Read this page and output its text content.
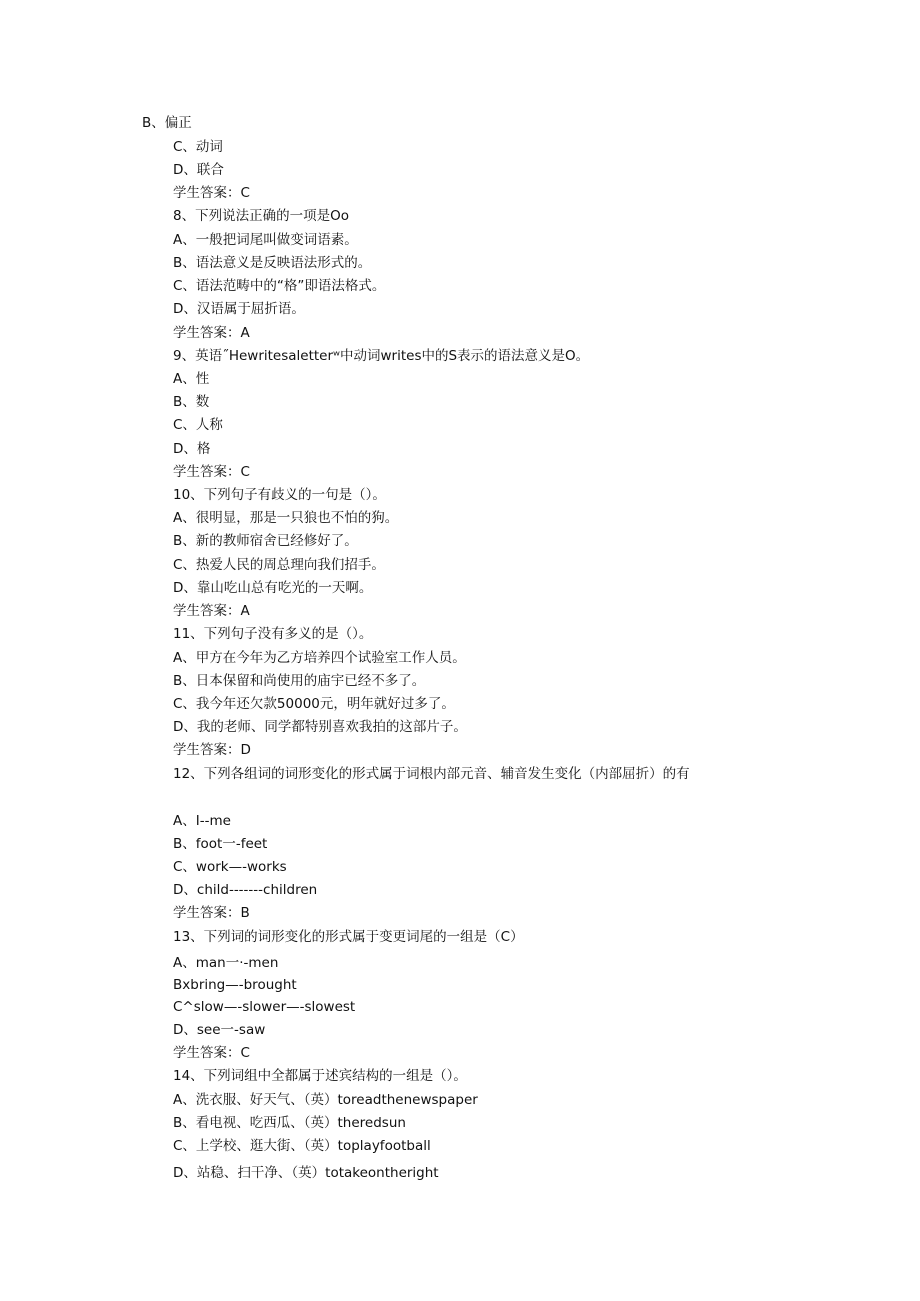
B、偏正
C、动词
D、联合
学生答案：C
8、下列说法正确的一项是Oo
A、一般把词尾叫做变词语素。
B、语法意义是反映语法形式的。
C、语法范畴中的“格”即语法格式。
D、汉语属于屈折语。
学生答案：A
9、英语˝Hewritesaletterʷ中动词writes中的S表示的语法意义是O。
A、性
B、数
C、人称
D、格
学生答案：C
10、下列句子有歧义的一句是（）。
A、很明显，那是一只狼也不怕的狗。
B、新的教师宿舍已经修好了。
C、热爱人民的周总理向我们招手。
D、靠山吃山总有吃光的一天啊。
学生答案：A
11、下列句子没有多义的是（）。
A、甲方在今年为乙方培养四个试验室工作人员。
B、日本保留和尚使用的庙宇已经不多了。
C、我今年还欠款50000元，明年就好过多了。
D、我的老师、同学都特别喜欢我拍的这部片子。
学生答案：D
12、下列各组词的词形变化的形式属于词根内部元音、辅音发生变化（内部屈折）的有
A、I--me
B、foot一-feet
C、work—-works
D、child-------children
学生答案：B
13、下列词的词形变化的形式属于变更词尾的一组是（C）
A、man一·-men
Bxbring—-brought
C^slow—-slower—-slowest
D、see一-saw
学生答案：C
14、下列词组中全都属于述宾结构的一组是（）。
A、洗衣服、好天气、（英）toreadthenewspaper
B、看电视、吃西瓜、（英）theredsun
C、上学校、逛大街、（英）toplayfootball
D、站稳、扫干净、（英）totakeontheright
